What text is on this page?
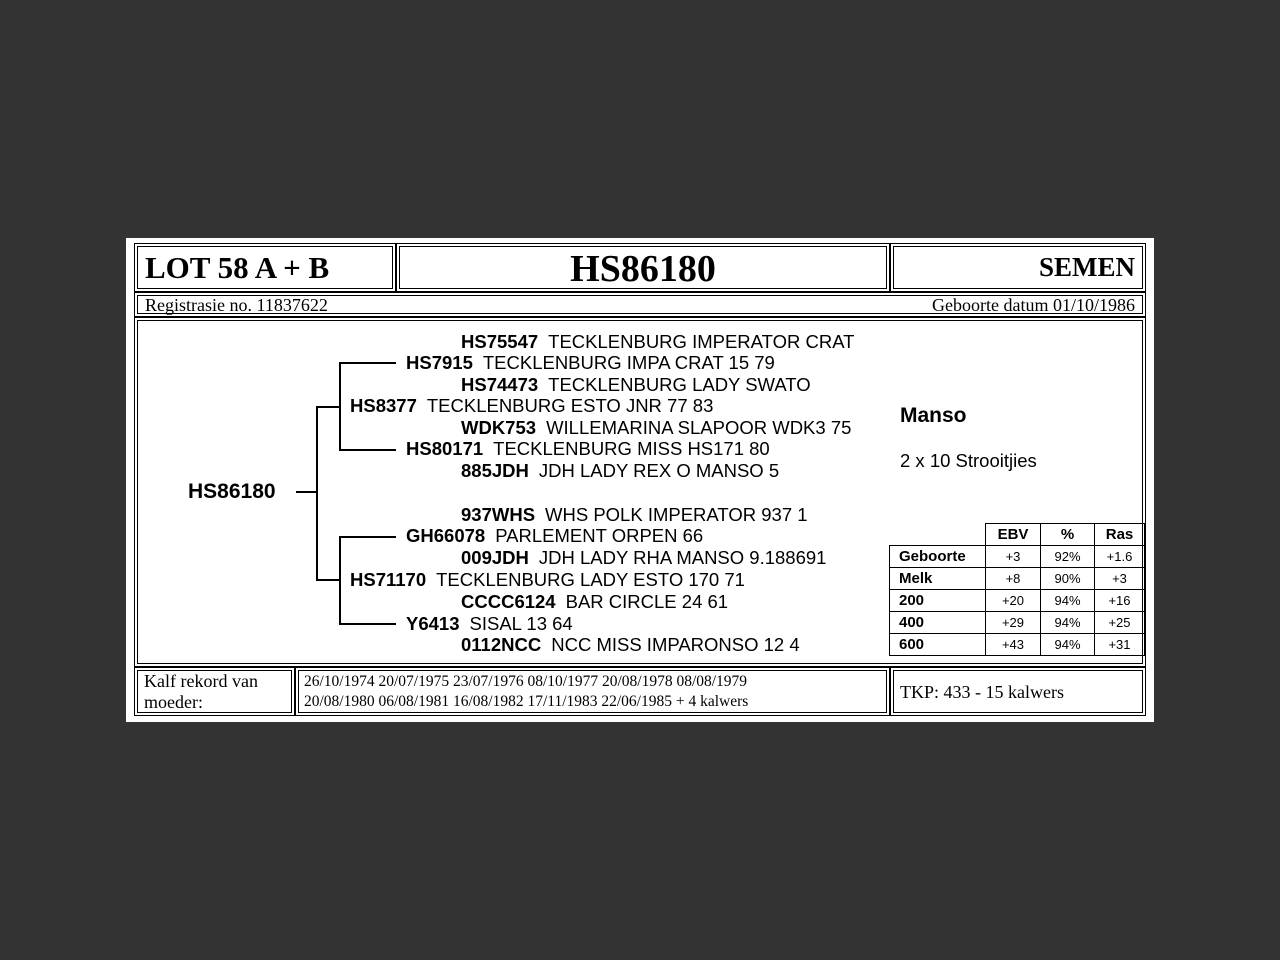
LOT 58 A + B	HS86180	SEMEN
Registrasie no. 11837622	Geboorte datum 01/10/1986
HS86180
HS75547 TECKLENBURG IMPERATOR CRAT
HS7915 TECKLENBURG IMPA CRAT 15 79
HS74473 TECKLENBURG LADY SWATO
HS8377 TECKLENBURG ESTO JNR 77 83
WDK753 WILLEMARINA SLAPOOR WDK3 75
HS80171 TECKLENBURG MISS HS171 80
885JDH JDH LADY REX O MANSO 5
937WHS WHS POLK IMPERATOR 937 1
GH66078 PARLEMENT ORPEN 66
009JDH JDH LADY RHA MANSO 9.188691
HS71170 TECKLENBURG LADY ESTO 170 71
CCCC6124 BAR CIRCLE 24 61
Y6413 SISAL 13 64
0112NCC NCC MISS IMPARONSO 12 4
Manso
2 x 10 Strooitjies
	EBV	%	Ras
Geboorte	+3	92%	+1.6
Melk	+8	90%	+3
200	+20	94%	+16
400	+29	94%	+25
600	+43	94%	+31
Kalf rekord van
moeder:
26/10/1974 20/07/1975 23/07/1976 08/10/1977 20/08/1978 08/08/1979
20/08/1980 06/08/1981 16/08/1982 17/11/1983 22/06/1985 + 4 kalwers	TKP: 433 - 15 kalwers
